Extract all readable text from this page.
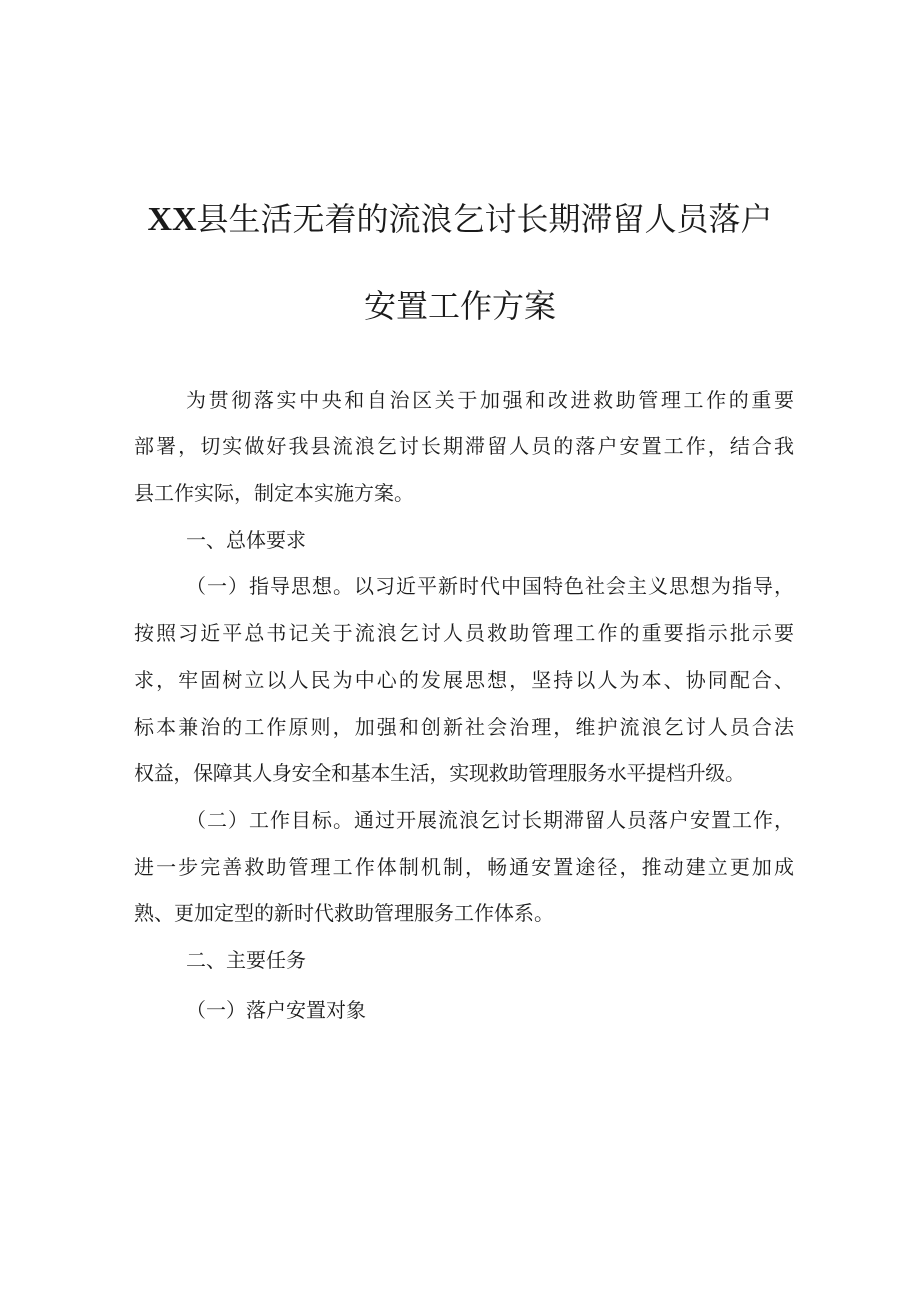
XX县生活无着的流浪乞讨长期滞留人员落户
安置工作方案
为贯彻落实中央和自治区关于加强和改进救助管理工作的重要
部署，切实做好我县流浪乞讨长期滞留人员的落户安置工作，结合我
县工作实际，制定本实施方案。
一、总体要求
（一）指导思想。以习近平新时代中国特色社会主义思想为指导，
按照习近平总书记关于流浪乞讨人员救助管理工作的重要指示批示要
求，牢固树立以人民为中心的发展思想，坚持以人为本、协同配合、
标本兼治的工作原则，加强和创新社会治理，维护流浪乞讨人员合法
权益，保障其人身安全和基本生活，实现救助管理服务水平提档升级。
（二）工作目标。通过开展流浪乞讨长期滞留人员落户安置工作，
进一步完善救助管理工作体制机制，畅通安置途径，推动建立更加成
熟、更加定型的新时代救助管理服务工作体系。
二、主要任务
（一）落户安置对象
